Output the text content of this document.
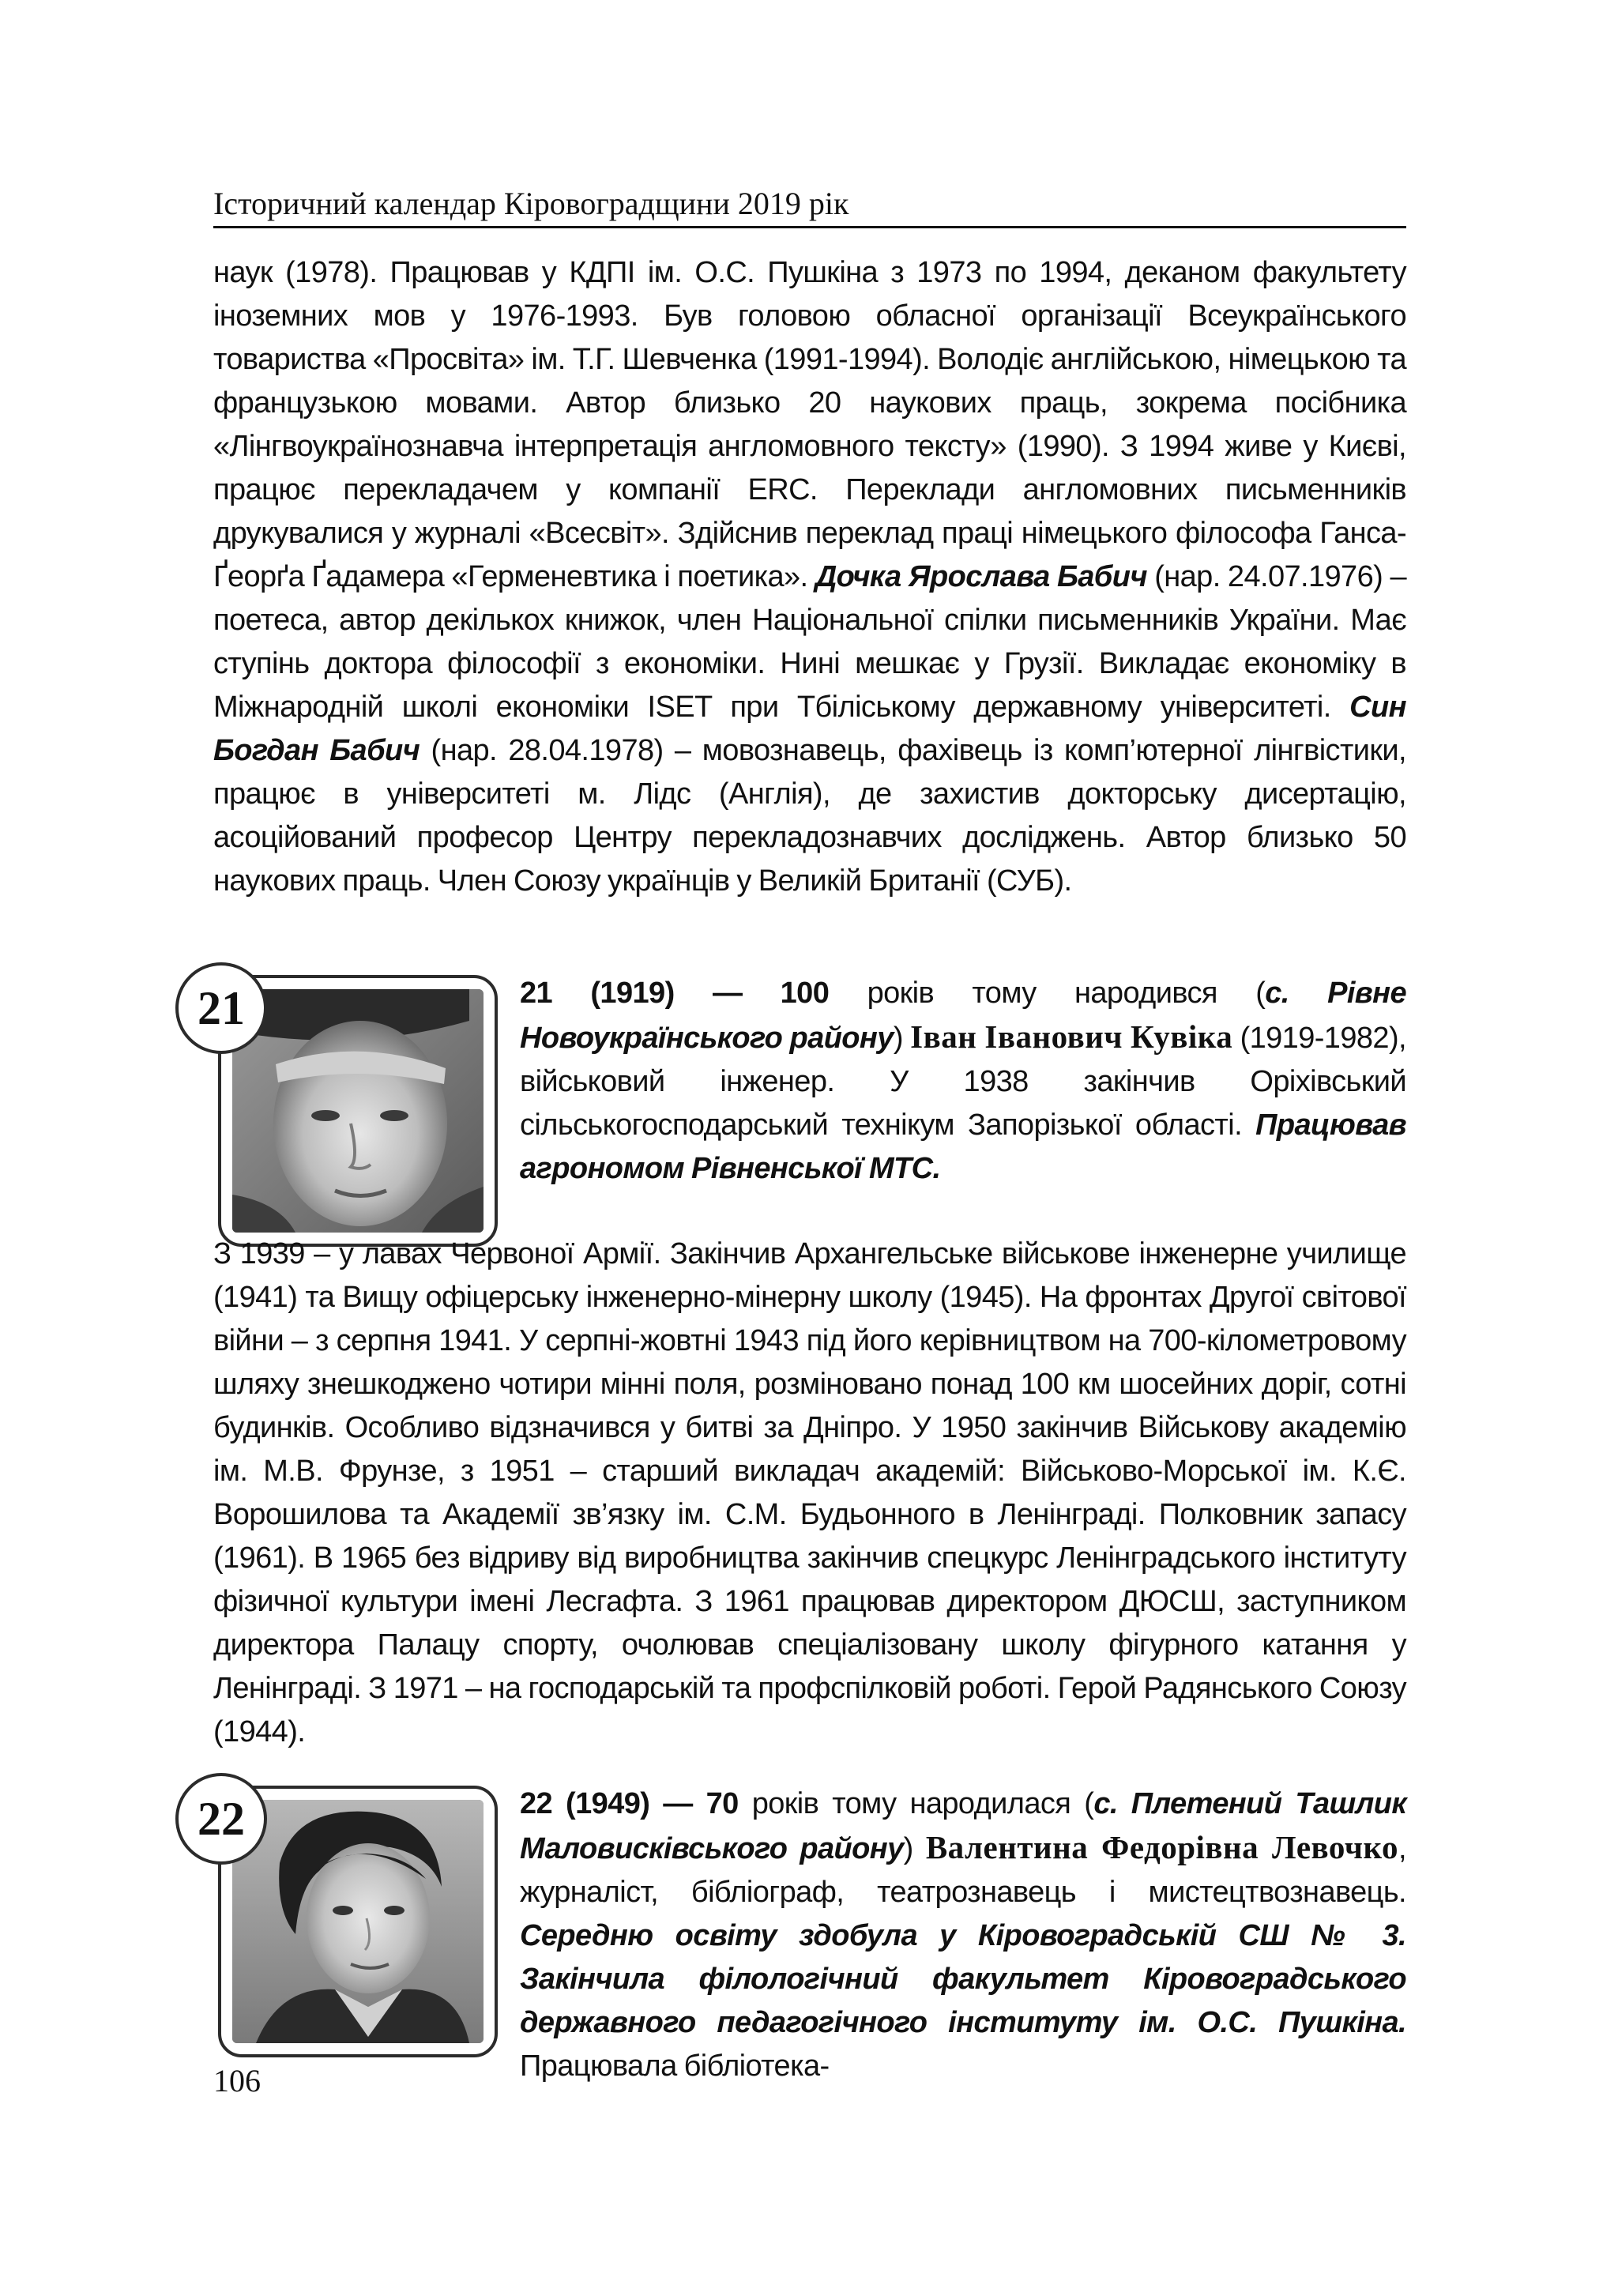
Історичний календар Кіровоградщини 2019 рік
наук (1978). Працював у КДПІ ім. О.С. Пушкіна з 1973 по 1994, деканом факультету іноземних мов у 1976-1993. Був головою обласної організації Всеукраїнського товариства «Просвіта» ім. Т.Г. Шевченка (1991-1994). Володіє англійською, німецькою та французькою мовами. Автор близько 20 наукових праць, зокрема посібника «Лінгвоукраїнознавча інтерпретація англомовного тексту» (1990). З 1994 живе у Києві, працює перекладачем у компанії ERC. Переклади англомовних письменників друкувалися у журналі «Всесвіт». Здійснив переклад праці німецького філософа Ганса-Ґеорґа Ґадамера «Герменевтика і поетика». Дочка Ярослава Бабич (нар. 24.07.1976) – поетеса, автор декількох книжок, член Національної спілки письменників України. Має ступінь доктора філософії з економіки. Нині мешкає у Грузії. Викладає економіку в Міжнародній школі економіки ISET при Тбіліському державному університеті. Син Богдан Бабич (нар. 28.04.1978) – мовознавець, фахівець із комп’ютерної лінгвістики, працює в університеті м. Лідс (Англія), де захистив докторську дисертацію, асоційований професор Центру перекладознавчих досліджень. Автор близько 50 наукових праць. Член Союзу українців у Великій Британії (СУБ).
21	21 (1919) — 100 років тому народився (с. Рівне Новоукраїнського району) Іван Іванович Кувіка (1919-1982), військовий інженер. У 1938 закінчив Оріхівський сільськогосподарський технікум Запорізької області. Працював агрономом Рівненської МТС.
З 1939 – у лавах Червоної Армії. Закінчив Архангельське військове інженерне училище (1941) та Вищу офіцерську інженерно-мінерну школу (1945). На фронтах Другої світової війни – з серпня 1941. У серпні-жовтні 1943 під його керівництвом на 700-кілометровому шляху знешкоджено чотири мінні поля, розміновано понад 100 км шосейних доріг, сотні будинків. Особливо відзначився у битві за Дніпро. У 1950 закінчив Військову академію ім. М.В. Фрунзе, з 1951 – старший викладач академій: Військово-Морської ім. К.Є. Ворошилова та Академії зв’язку ім. С.М. Будьонного в Ленінграді. Полковник запасу (1961). В 1965 без відриву від виробництва закінчив спецкурс Ленінградського інституту фізичної культури імені Лесгафта. З 1961 працював директором ДЮСШ, заступником директора Палацу спорту, очолював спеціалізовану школу фігурного катання у Ленінграді. З 1971 – на господарській та профспілковій роботі. Герой Радянського Союзу (1944).
22	22 (1949) — 70 років тому народилася (с. Плетений Ташлик Маловисківського району) Валентина Федорівна Левочко, журналіст, бібліограф, театрознавець і мистецтвознавець. Середню освіту здобула у Кіровоградській СШ № 3. Закінчила філологічний факультет Кіровоградського державного педагогічного інституту ім. О.С. Пушкіна. Працювала бібліотека-
106
